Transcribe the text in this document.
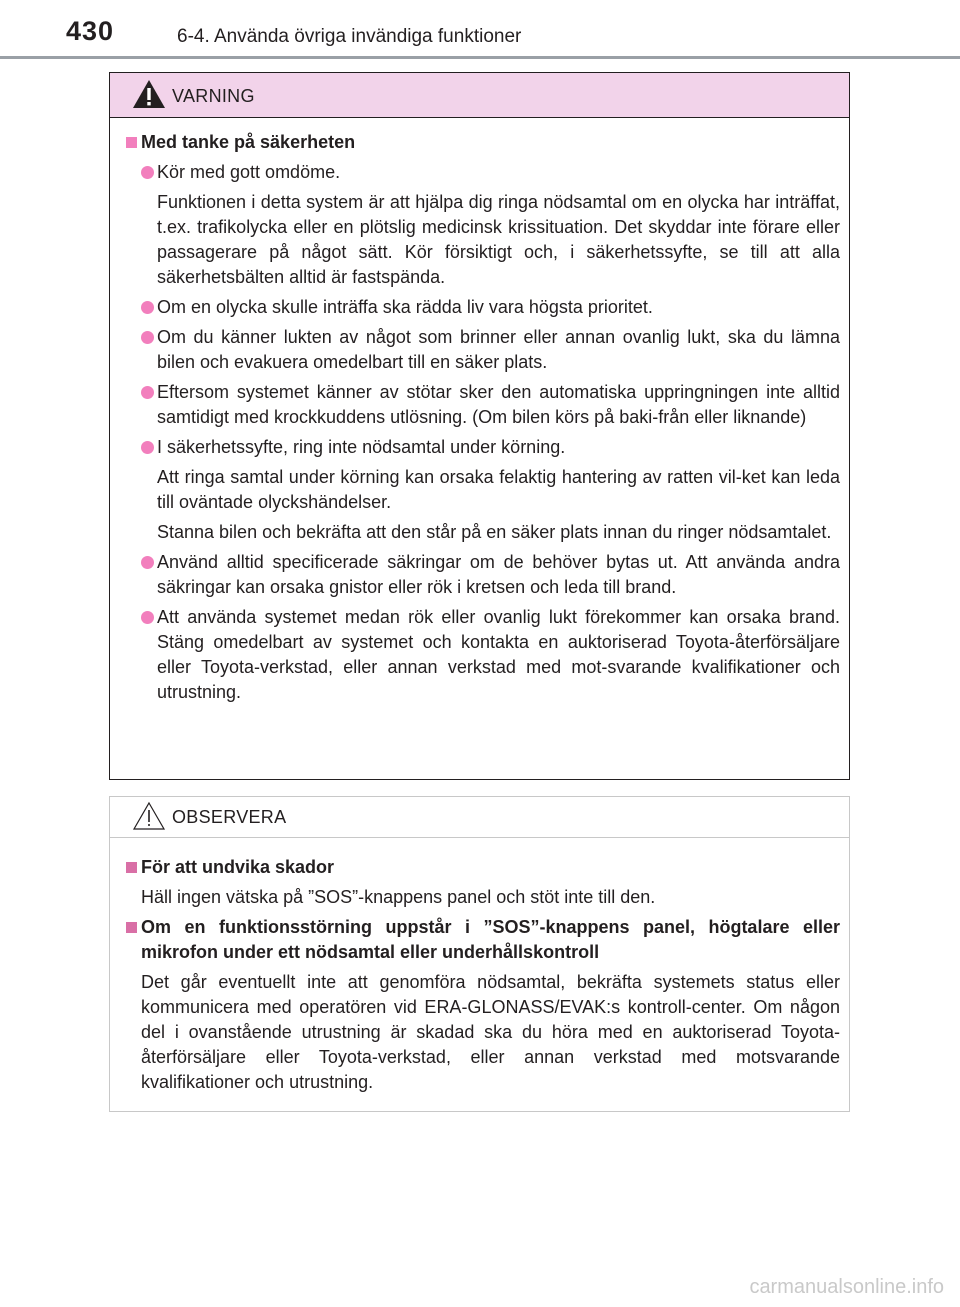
430	6-4. Använda övriga invändiga funktioner
VARNING
Med tanke på säkerheten
Kör med gott omdöme.
Funktionen i detta system är att hjälpa dig ringa nödsamtal om en olycka har inträffat, t.ex. trafikolycka eller en plötslig medicinsk krissituation. Det skyddar inte förare eller passagerare på något sätt. Kör försiktigt och, i säkerhetssyfte, se till att alla säkerhetsbälten alltid är fastspända.
Om en olycka skulle inträffa ska rädda liv vara högsta prioritet.
Om du känner lukten av något som brinner eller annan ovanlig lukt, ska du lämna bilen och evakuera omedelbart till en säker plats.
Eftersom systemet känner av stötar sker den automatiska uppringningen inte alltid samtidigt med krockkuddens utlösning. (Om bilen körs på baki-från eller liknande)
I säkerhetssyfte, ring inte nödsamtal under körning.
Att ringa samtal under körning kan orsaka felaktig hantering av ratten vil-ket kan leda till oväntade olyckshändelser.
Stanna bilen och bekräfta att den står på en säker plats innan du ringer nödsamtalet.
Använd alltid specificerade säkringar om de behöver bytas ut. Att använda andra säkringar kan orsaka gnistor eller rök i kretsen och leda till brand.
Att använda systemet medan rök eller ovanlig lukt förekommer kan orsaka brand. Stäng omedelbart av systemet och kontakta en auktoriserad Toyota-återförsäljare eller Toyota-verkstad, eller annan verkstad med mot-svarande kvalifikationer och utrustning.
OBSERVERA
För att undvika skador
Häll ingen vätska på ”SOS”-knappens panel och stöt inte till den.
Om en funktionsstörning uppstår i ”SOS”-knappens panel, högtalare eller mikrofon under ett nödsamtal eller underhållskontroll
Det går eventuellt inte att genomföra nödsamtal, bekräfta systemets status eller kommunicera med operatören vid ERA-GLONASS/EVAK:s kontroll-center. Om någon del i ovanstående utrustning är skadad ska du höra med en auktoriserad Toyota-återförsäljare eller Toyota-verkstad, eller annan verkstad med motsvarande kvalifikationer och utrustning.
carmanualsonline.info
